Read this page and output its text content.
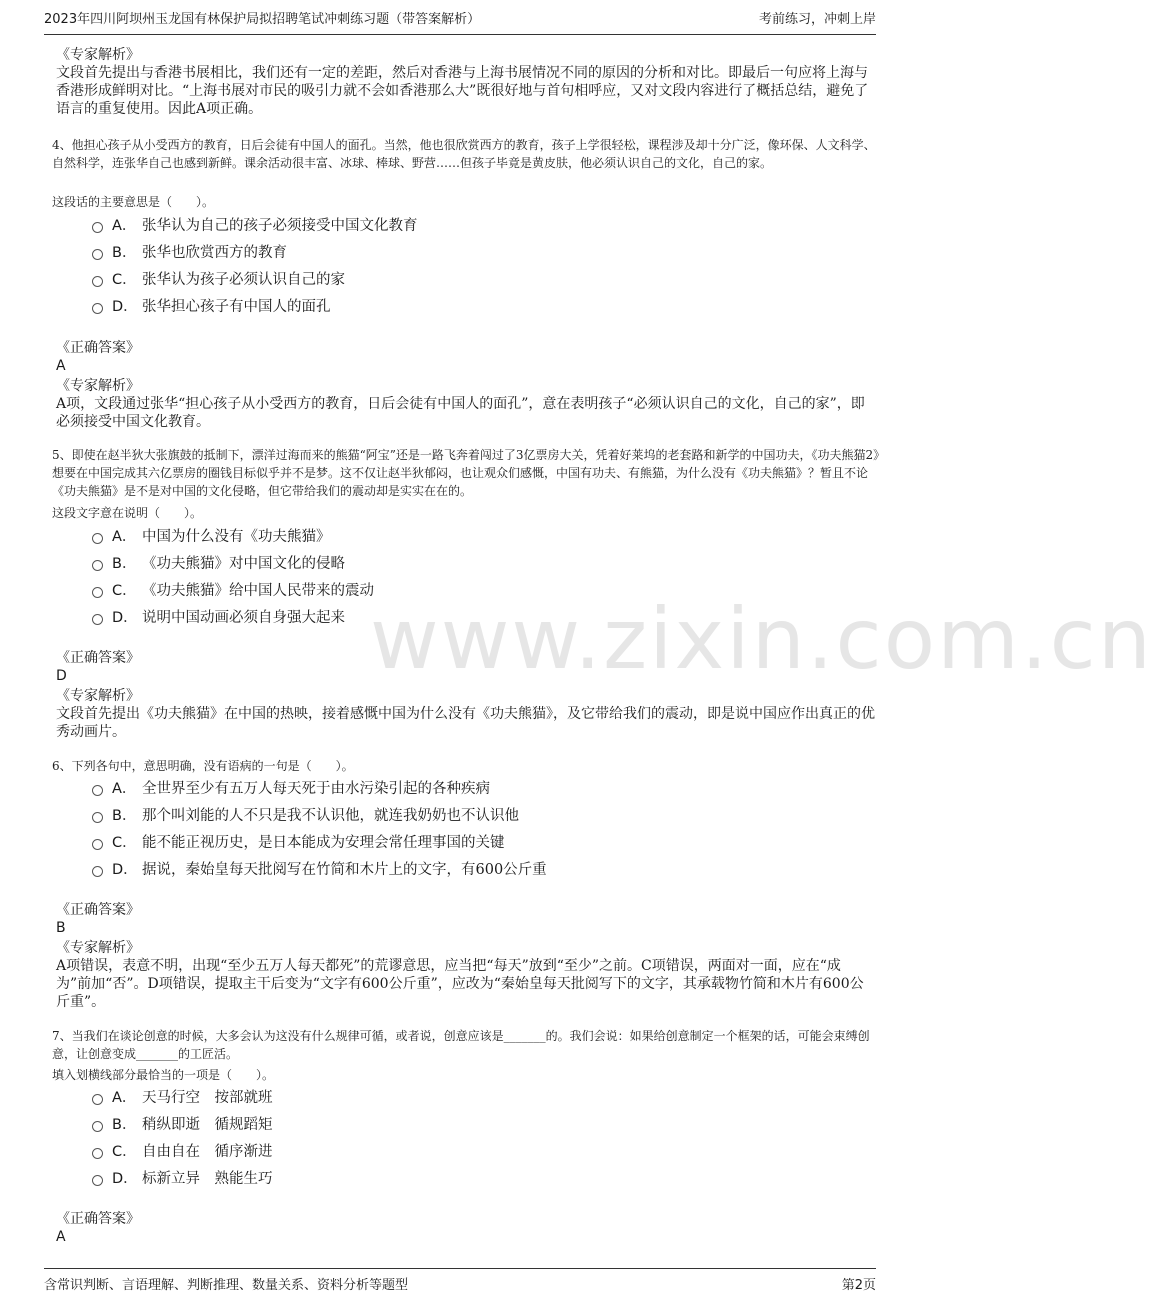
2023年四川阿坝州玉龙国有林保护局拟招聘笔试冲刺练习题（带答案解析）	考前练习，冲刺上岸
www.zixin.com.cn
《专家解析》
文段首先提出与香港书展相比，我们还有一定的差距，然后对香港与上海书展情况不同的原因的分析和对比。即最后一句应将上海与香港形成鲜明对比。“上海书展对市民的吸引力就不会如香港那么大”既很好地与首句相呼应，又对文段内容进行了概括总结，避免了语言的重复使用。因此A项正确。
4、他担心孩子从小受西方的教育，日后会徒有中国人的面孔。当然，他也很欣赏西方的教育，孩子上学很轻松，课程涉及却十分广泛，像环保、人文科学、自然科学，连张华自己也感到新鲜。课余活动很丰富、冰球、棒球、野营……但孩子毕竟是黄皮肤，他必须认识自己的文化，自己的家。
这段话的主要意思是（　　）。
A． 张华认为自己的孩子必须接受中国文化教育
B． 张华也欣赏西方的教育
C． 张华认为孩子必须认识自己的家
D． 张华担心孩子有中国人的面孔
《正确答案》
A
《专家解析》
A项，文段通过张华“担心孩子从小受西方的教育，日后会徒有中国人的面孔”，意在表明孩子“必须认识自己的文化，自己的家”，即必须接受中国文化教育。
5、即使在赵半狄大张旗鼓的抵制下，漂洋过海而来的熊猫“阿宝”还是一路飞奔着闯过了3亿票房大关，凭着好莱坞的老套路和新学的中国功夫，《功夫熊猫2》想要在中国完成其六亿票房的圈钱目标似乎并不是梦。这不仅让赵半狄郁闷，也让观众们感慨，中国有功夫、有熊猫，为什么没有《功夫熊猫》？暂且不论《功夫熊猫》是不是对中国的文化侵略，但它带给我们的震动却是实实在在的。
这段文字意在说明（　　）。
A． 中国为什么没有《功夫熊猫》
B． 《功夫熊猫》对中国文化的侵略
C． 《功夫熊猫》给中国人民带来的震动
D． 说明中国动画必须自身强大起来
《正确答案》
D
《专家解析》
文段首先提出《功夫熊猫》在中国的热映，接着感慨中国为什么没有《功夫熊猫》，及它带给我们的震动，即是说中国应作出真正的优秀动画片。
6、下列各句中，意思明确，没有语病的一句是（　　）。
A． 全世界至少有五万人每天死于由水污染引起的各种疾病
B． 那个叫刘能的人不只是我不认识他，就连我奶奶也不认识他
C． 能不能正视历史，是日本能成为安理会常任理事国的关键
D． 据说，秦始皇每天批阅写在竹简和木片上的文字，有600公斤重
《正确答案》
B
《专家解析》
A项错误，表意不明，出现“至少五万人每天都死”的荒谬意思，应当把“每天”放到“至少”之前。C项错误，两面对一面，应在“成为”前加“否”。D项错误，提取主干后变为“文字有600公斤重”，应改为“秦始皇每天批阅写下的文字，其承载物竹简和木片有600公斤重”。
7、当我们在谈论创意的时候，大多会认为这没有什么规律可循，或者说，创意应该是_______的。我们会说：如果给创意制定一个框架的话，可能会束缚创意，让创意变成_______的工匠活。
填入划横线部分最恰当的一项是（　　）。
A． 天马行空　按部就班
B． 稍纵即逝　循规蹈矩
C． 自由自在　循序渐进
D． 标新立异　熟能生巧
《正确答案》
A
含常识判断、言语理解、判断推理、数量关系、资料分析等题型	第2页
